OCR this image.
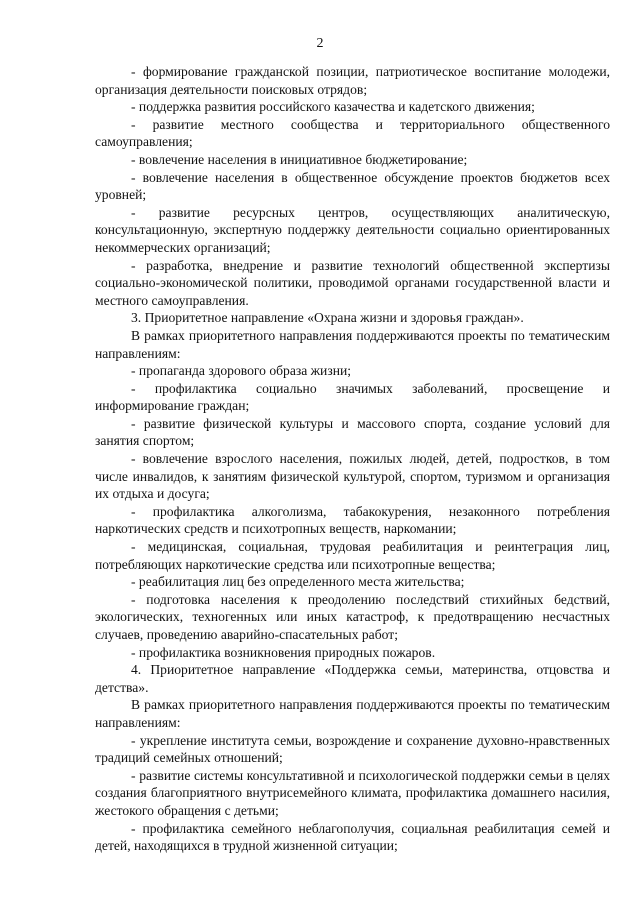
2

- формирование гражданской позиции, патриотическое воспитание молодежи, организация деятельности поисковых отрядов;

- поддержка развития российского казачества и кадетского движения;

- развитие местного сообщества и территориального общественного самоуправления;

- вовлечение населения в инициативное бюджетирование;

- вовлечение населения в общественное обсуждение проектов бюджетов всех уровней;

- развитие ресурсных центров, осуществляющих аналитическую, консультационную, экспертную поддержку деятельности социально ориентированных некоммерческих организаций;

- разработка, внедрение и развитие технологий общественной экспертизы социально-экономической политики, проводимой органами государственной власти и местного самоуправления.

3. Приоритетное направление «Охрана жизни и здоровья граждан».

В рамках приоритетного направления поддерживаются проекты по тематическим направлениям:

- пропаганда здорового образа жизни;

- профилактика социально значимых заболеваний, просвещение и информирование граждан;

- развитие физической культуры и массового спорта, создание условий для занятия спортом;

- вовлечение взрослого населения, пожилых людей, детей, подростков, в том числе инвалидов, к занятиям физической культурой, спортом, туризмом и организация их отдыха и досуга;

- профилактика алкоголизма, табакокурения, незаконного потребления наркотических средств и психотропных веществ, наркомании;

- медицинская, социальная, трудовая реабилитация и реинтеграция лиц, потребляющих наркотические средства или психотропные вещества;

- реабилитация лиц без определенного места жительства;

- подготовка населения к преодолению последствий стихийных бедствий, экологических, техногенных или иных катастроф, к предотвращению несчастных случаев, проведению аварийно-спасательных работ;

- профилактика возникновения природных пожаров.

4. Приоритетное направление «Поддержка семьи, материнства, отцовства и детства».

В рамках приоритетного направления поддерживаются проекты по тематическим направлениям:

- укрепление института семьи, возрождение и сохранение духовно-нравственных традиций семейных отношений;

- развитие системы консультативной и психологической поддержки семьи в целях создания благоприятного внутрисемейного климата, профилактика домашнего насилия, жестокого обращения с детьми;

- профилактика семейного неблагополучия, социальная реабилитация семей и детей, находящихся в трудной жизненной ситуации;
